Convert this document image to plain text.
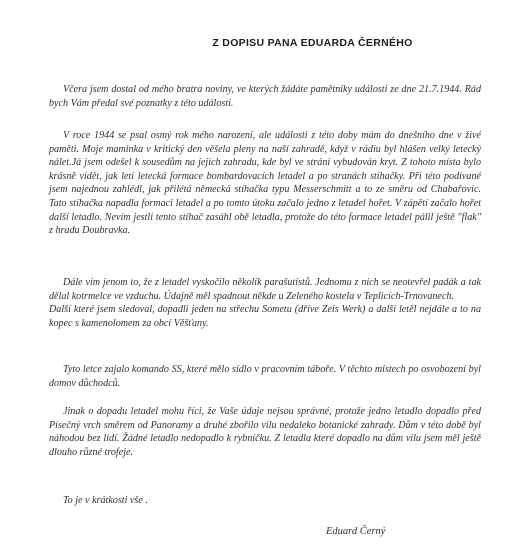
Z DOPISU PANA EDUARDA ČERNÉHO

Včera jsem dostal od mého bratra noviny, ve kterých žádáte pamětníky události ze dne 21.7.1944. Rád bych Vám předal své poznatky z této události.

V roce 1944 se psal osmý rok mého narození, ale události z této doby mám do dnešního dne v živé paměti. Moje maminka v kritický den věšela pleny na naší zahradě, když v rádiu byl hlášen velký letecký nálet.Já jsem odešel k sousedům na jejich zahradu, kde byl ve stráni vybudován kryt. Z tohoto místa bylo krásně vidět, jak letí letecká formace bombardovacích letadel a po stranách stíhačky. Při této podívané jsem najednou zahlédl, jak přilétá německá stíhačka typu Messerschmitt a to ze směru od Chabařovic. Tato stíhačka napadla formaci letadel a po tomto útoku začalo jedno z letadel hořet. V zápětí začalo hořet další letadlo. Nevím jestli tento stíhač zasáhl obě letadla, protože do této formace letadel pálil ještě "flak" z hradu Doubravka.

Dále vím jenom to, že z letadel vyskočilo několik parašutistů. Jednomu z nich se neotevřel padák a tak dělal kotrmelce ve vzduchu. Údajně měl spadnout někde u Zeleného kostela v Teplicích-Trnovanech.

Další které jsem sledoval, dopadli jeden na střechu Sometu (dříve Zeis Werk) a další letěl nejdále a to na kopec s kamenolomem za obcí Věšťany.

Tyto letce zajalo komando SS, které mělo sídlo v pracovním táboře. V těchto místech po osvobození byl domov důchodců.

Jinak o dopadu letadel mohu říci, že Vaše údaje nejsou správné, protože jedno letadlo dopadlo před Písečný vrch směrem od Panoramy a druhé zbořilo vilu nedaleko botanické zahrady. Dům v této době byl náhodou bez lidí. Žádné letadlo nedopadlo k rybníčku. Z letadla které dopadlo na dům vilu jsem měl ještě dlouho různé trofeje.

To je v krátkosti vše .

Eduard Černý
